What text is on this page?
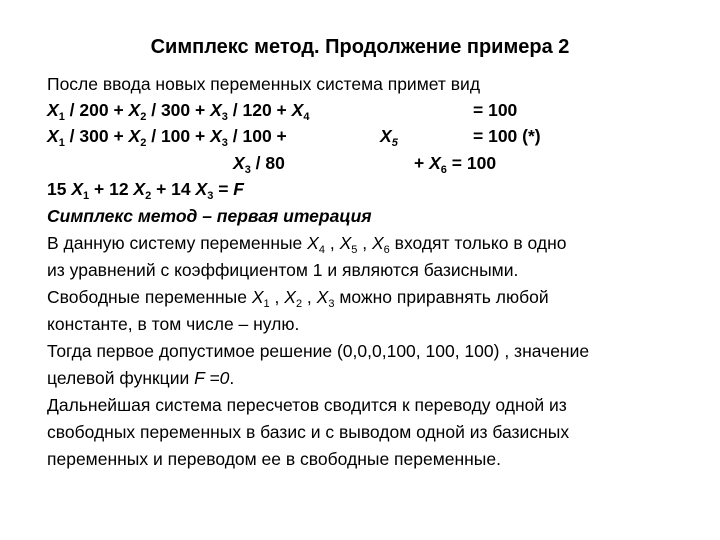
Симплекс метод. Продолжение примера 2
После ввода новых переменных система примет вид
$X_1 / 200 + X_2 / 300 + X_3 / 120 + X_4$	= 100
$X_1 / 300 + X_2 / 100 + X_3 / 100$ +	$X_5$	= 100 (*)
$X_3 / 80$	+ $X_6 = 100$
15 $X_1 + 12$ $X_2 + 14$ $X_3 = F$
Симплекс метод – первая итерация
В данную систему переменные $X_4$ , $X_5$ , $X_6$ входят только в одно
из уравнений с коэффициентом 1 и являются базисными.
Свободные переменные $X_1$ , $X_2$ , $X_3$ можно приравнять любой
константе, в том числе – нулю.
Тогда первое допустимое решение (0,0,0,100, 100, 100) , значение
целевой функции F =0.
Дальнейшая система пересчетов сводится к переводу одной из
свободных переменных в базис и с выводом одной из базисных
переменных и переводом ее в свободные переменные.
